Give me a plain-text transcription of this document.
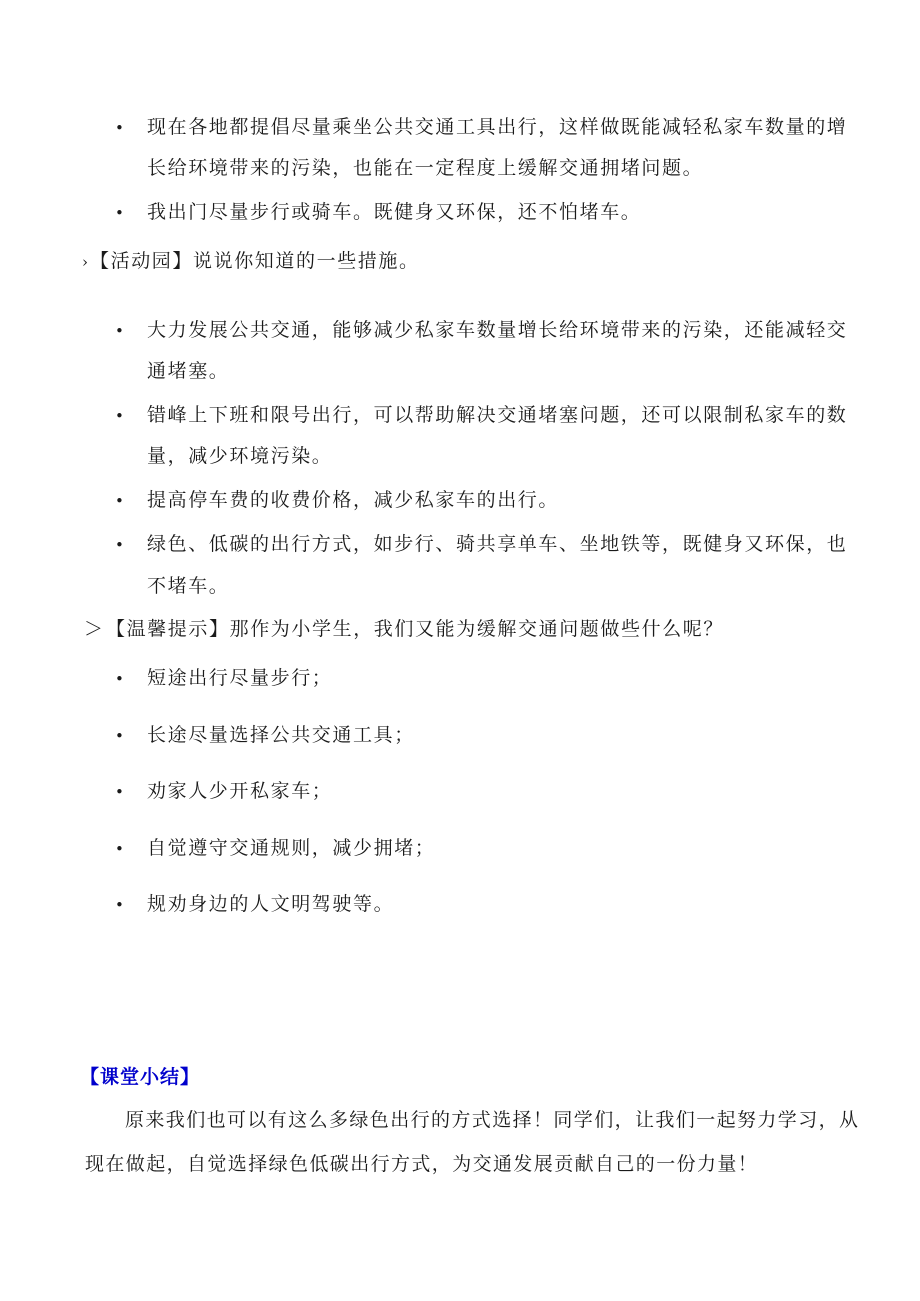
• 现在各地都提倡尽量乘坐公共交通工具出行，这样做既能减轻私家车数量的增
长给环境带来的污染，也能在一定程度上缓解交通拥堵问题。
• 我出门尽量步行或骑车。既健身又环保，还不怕堵车。
› 【活动园】说说你知道的一些措施。
• 大力发展公共交通，能够减少私家车数量增长给环境带来的污染，还能减轻交
通堵塞。
• 错峰上下班和限号出行，可以帮助解决交通堵塞问题，还可以限制私家车的数
量，减少环境污染。
• 提高停车费的收费价格，减少私家车的出行。
• 绿色、低碳的出行方式，如步行、骑共享单车、坐地铁等，既健身又环保，也
不堵车。
＞ 【温馨提示】那作为小学生，我们又能为缓解交通问题做些什么呢？
• 短途出行尽量步行；
• 长途尽量选择公共交通工具；
• 劝家人少开私家车；
• 自觉遵守交通规则，减少拥堵；
• 规劝身边的人文明驾驶等。
【课堂小结】
原来我们也可以有这么多绿色出行的方式选择！同学们，让我们一起努力学习，从
现在做起，自觉选择绿色低碳出行方式，为交通发展贡献自己的一份力量！
